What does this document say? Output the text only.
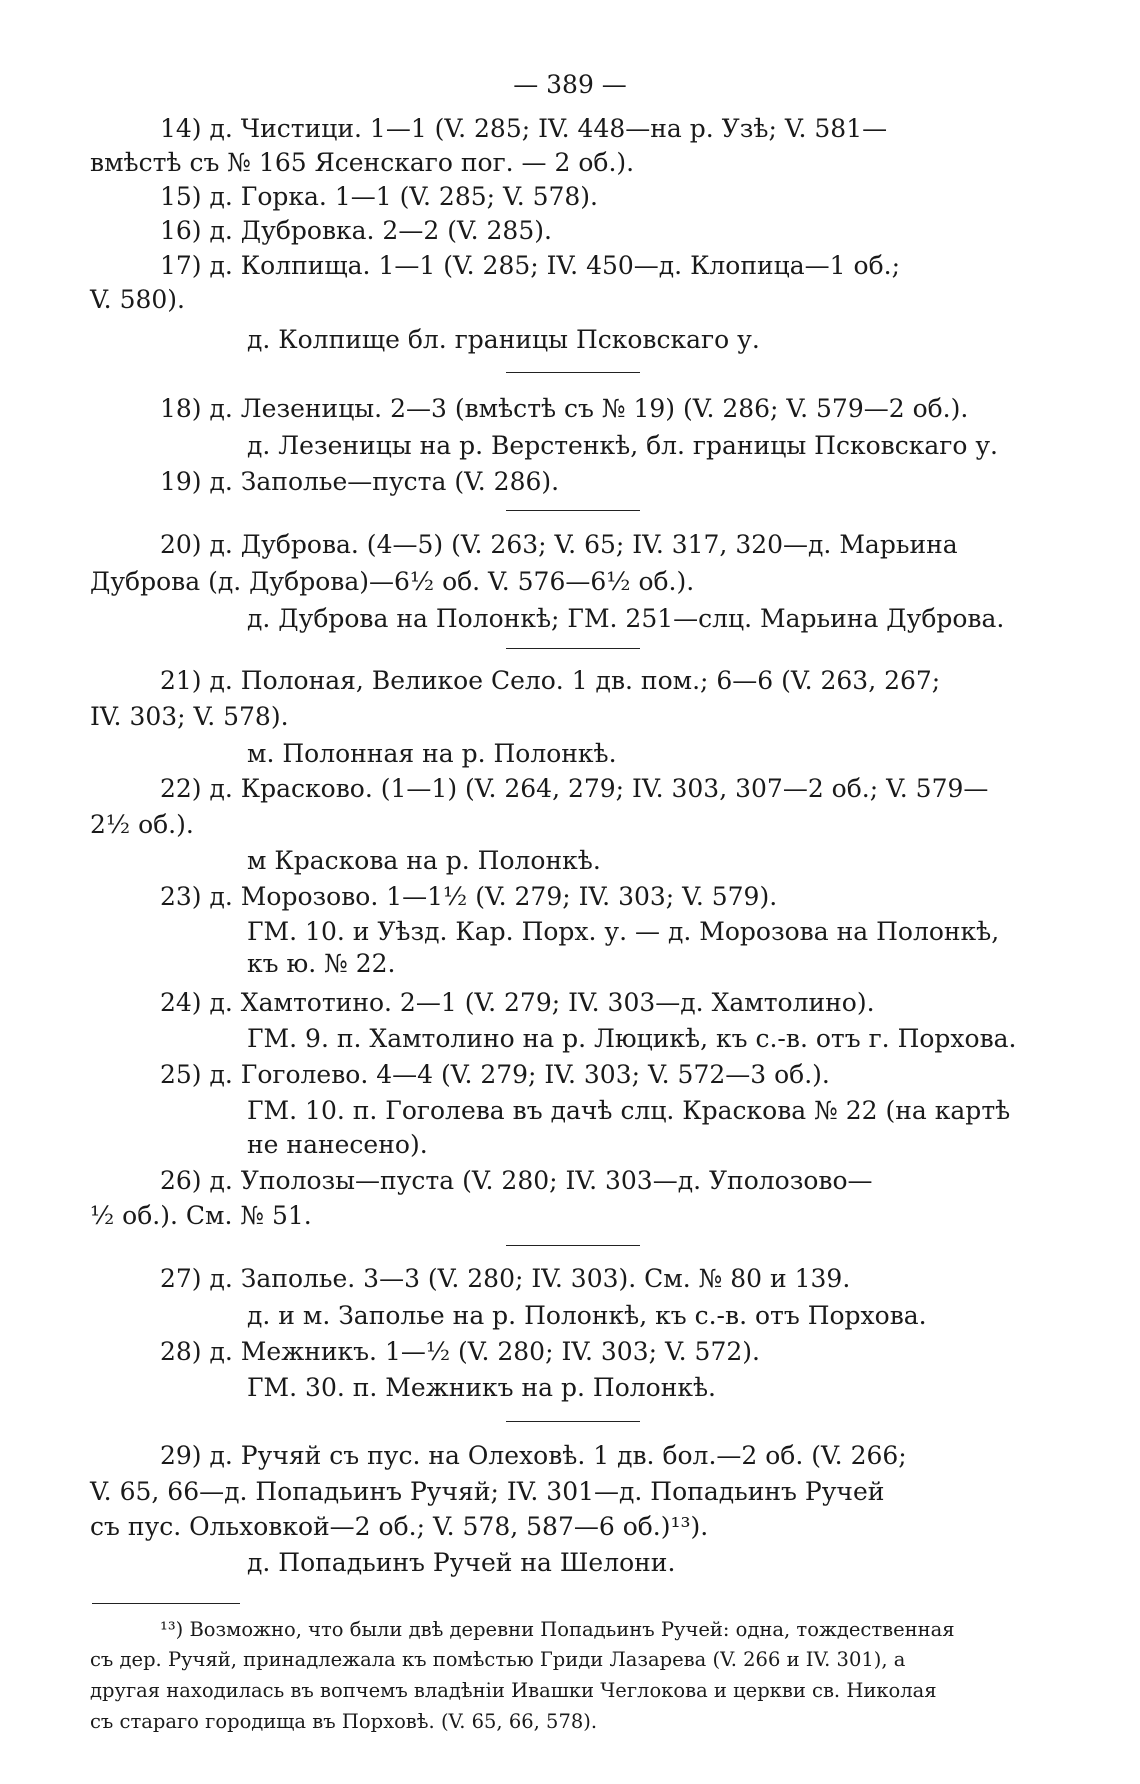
— 389 —
14) д. Чистици. 1—1 (V. 285; IV. 448—на р. Узѣ; V. 581—
вмѣстѣ съ № 165 Ясенскаго пог. — 2 об.).
15) д. Горка. 1—1 (V. 285; V. 578).
16) д. Дубровка. 2—2 (V. 285).
17) д. Колпища. 1—1 (V. 285; IV. 450—д. Клопица—1 об.;
V. 580).
д. Колпище бл. границы Псковскаго у.
18) д. Лезеницы. 2—3 (вмѣстѣ съ № 19) (V. 286; V. 579—2 об.).
д. Лезеницы на р. Верстенкѣ, бл. границы Псковскаго у.
19) д. Заполье—пуста (V. 286).
20) д. Дуброва. (4—5) (V. 263; V. 65; IV. 317, 320—д. Марьина
Дуброва (д. Дуброва)—6½ об. V. 576—6½ об.).
д. Дуброва на Полонкѣ; ГМ. 251—слц. Марьина Дуброва.
21) д. Полоная, Великое Село. 1 дв. пом.; 6—6 (V. 263, 267;
IV. 303; V. 578).
м. Полонная на р. Полонкѣ.
22) д. Красково. (1—1) (V. 264, 279; IV. 303, 307—2 об.; V. 579—
2½ об.).
м Краскова на р. Полонкѣ.
23) д. Морозово. 1—1½ (V. 279; IV. 303; V. 579).
ГМ. 10. и Уѣзд. Кар. Порх. у. — д. Морозова на Полонкѣ,
къ ю. № 22.
24) д. Хамтотино. 2—1 (V. 279; IV. 303—д. Хамтолино).
ГМ. 9. п. Хамтолино на р. Люцикѣ, къ с.-в. отъ г. Порхова.
25) д. Гоголево. 4—4 (V. 279; IV. 303; V. 572—3 об.).
ГМ. 10. п. Гоголева въ дачѣ слц. Краскова № 22 (на картѣ
не нанесено).
26) д. Уполозы—пуста (V. 280; IV. 303—д. Уполозово—
½ об.). См. № 51.
27) д. Заполье. 3—3 (V. 280; IV. 303). См. № 80 и 139.
д. и м. Заполье на р. Полонкѣ, къ с.-в. отъ Порхова.
28) д. Межникъ. 1—½ (V. 280; IV. 303; V. 572).
ГМ. 30. п. Межникъ на р. Полонкѣ.
29) д. Ручяй съ пус. на Олеховѣ. 1 дв. бол.—2 об. (V. 266;
V. 65, 66—д. Попадьинъ Ручяй; IV. 301—д. Попадьинъ Ручей
съ пус. Ольховкой—2 об.; V. 578, 587—6 об.)¹³).
д. Попадьинъ Ручей на Шелони.
¹³) Возможно, что были двѣ деревни Попадьинъ Ручей: одна, тождественная
съ дер. Ручяй, принадлежала къ помѣстью Гриди Лазарева (V. 266 и IV. 301), а
другая находилась въ вопчемъ владѣніи Ивашки Чеглокова и церкви св. Николая
съ стараго городища въ Порховѣ. (V. 65, 66, 578).
